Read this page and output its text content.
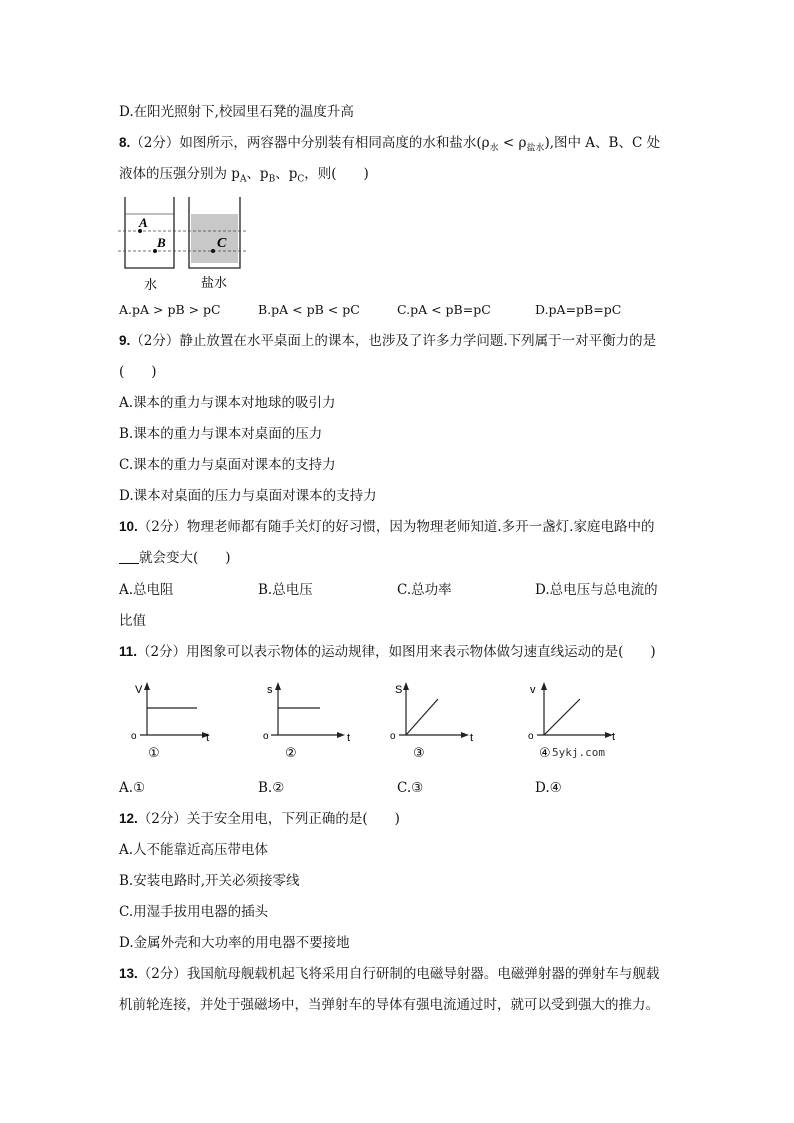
D.在阳光照射下,校园里石凳的温度升高
8.（2分）如图所示，两容器中分别装有相同高度的水和盐水$(\rho_水 < \rho_{盐水})$,图中 A、B、C 处
液体的压强分别为 $p_A$、$p_B$、$p_C$，则(　　)
A
B	C
水	盐水
A.pA > pB > pC	B.pA < pB < pC	C.pA < pB=pC	D.pA=pB=pC
9.（2分）静止放置在水平桌面上的课本，也涉及了许多力学问题.下列属于一对平衡力的是
(　　)
A.课本的重力与课本对地球的吸引力
B.课本的重力与课本对桌面的压力
C.课本的重力与桌面对课本的支持力
D.课本对桌面的压力与桌面对课本的支持力
10.（2分）物理老师都有随手关灯的好习惯，因为物理老师知道.多开一盏灯.家庭电路中的
就会变大(　　)
A.总电阻	B.总电压	C.总功率	D.总电压与总电流的
比值
11.（2分）用图象可以表示物体的运动规律，如图用来表示物体做匀速直线运动的是(　　)
V
t
o
①
s
t
o
②
S
t
o
③
v
t
o
④ 5ykj.com
A.①	B.②	C.③	D.④
12.（2分）关于安全用电，下列正确的是(　　)
A.人不能靠近高压带电体
B.安装电路时,开关必须接零线
C.用湿手拔用电器的插头
D.金属外壳和大功率的用电器不要接地
13.（2分）我国航母舰载机起飞将采用自行研制的电磁导射器。电磁弹射器的弹射车与舰载
机前轮连接，并处于强磁场中，当弹射车的导体有强电流通过时，就可以受到强大的推力。
